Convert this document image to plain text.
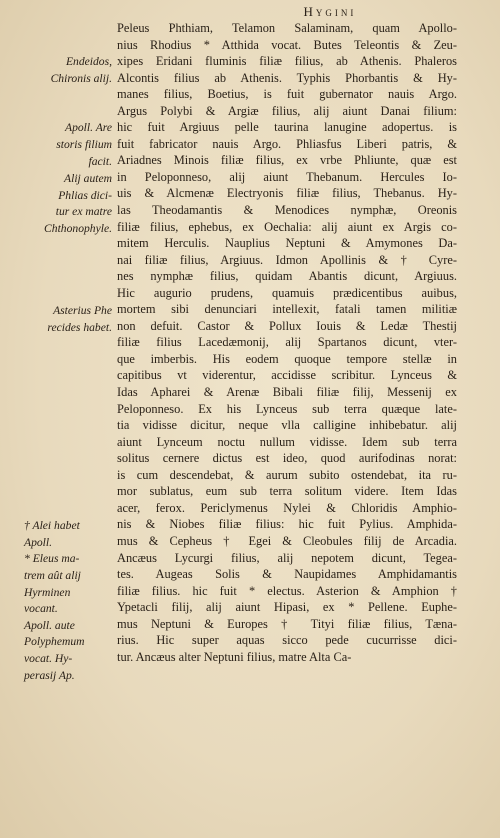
Hygini
Peleus Phthiam, Telamon Salaminam, quam Apollo-
nius Rhodius * Atthida vocat. Butes Teleontis & Zeu-
xipes Eridani fluminis filiæ filius, ab Athenis. Phaleros
Alcontis filius ab Athenis. Typhis Phorbantis & Hy-
manes filius, Boetius, is fuit gubernator nauis Argo.
Argus Polybi & Argiæ filius, alij aiunt Danai filium:
hic fuit Argiuus pelle taurina lanugine adopertus. is
fuit fabricator nauis Argo. Phliasfus Liberi patris, &
Ariadnes Minois filiæ filius, ex vrbe Phliunte, quæ est
in Peloponneso, alij aiunt Thebanum. Hercules Io-
uis & Alcmenæ Electryonis filiæ filius, Thebanus. Hy-
las Theodamantis & Menodices nymphæ, Oreonis
filiæ filius, ephebus, ex Oechalia: alij aiunt ex Argis co-
mitem Herculis. Nauplius Neptuni & Amymones Da-
nai filiæ filius, Argiuus. Idmon Apollinis & † Cyre-
nes nymphæ filius, quidam Abantis dicunt, Argiuus.
Hic augurio prudens, quamuis prædicentibus auibus,
mortem sibi denunciari intellexit, fatali tamen militiæ
non defuit. Castor & Pollux Iouis & Ledæ Thestij
filiæ filius Lacedæmonij, alij Spartanos dicunt, vter-
que imberbis. His eodem quoque tempore stellæ in
capitibus vt viderentur, accidisse scribitur. Lynceus &
Idas Apharei & Arenæ Bibali filiæ filij, Messenij ex
Peloponneso. Ex his Lynceus sub terra quæque late-
tia vidisse dicitur, neque vlla calligine inhibebatur. alij
aiunt Lynceum noctu nullum vidisse. Idem sub terra
solitus cernere dictus est ideo, quod aurifodinas norat:
is cum descendebat, & aurum subito ostendebat, ita ru-
mor sublatus, eum sub terra solitum videre. Item Idas
acer, ferox. Periclymenus Nylei & Chloridis Amphio-
nis & Niobes filiæ filius: hic fuit Pylius. Amphida-
mus & Cepheus † Egei & Cleobules filij de Arcadia.
Ancæus Lycurgi filius, alij nepotem dicunt, Tegea-
tes. Augeas Solis & Naupidames Amphidamantis
filiæ filius. hic fuit * electus. Asterion & Amphion †
Ypetacli filij, alij aiunt Hipasi, ex * Pellene. Euphe-
mus Neptuni & Europes † Tityi filiæ filius, Tæna-
rius. Hic super aquas sicco pede cucurrisse dici-
tur. Ancæus alter Neptuni filius, matre Alta Ca-
Endeidos,
Chironis alij.
Apoll. Are
storis filium
facit.
Alij autem
Phlias dici-
tur ex matre
Chthonophyle.
Asterius Phe
recides habet.
† Alei habet
Apoll.
* Eleus ma-
trem aût alij
Hyrminen
vocant.
Apoll. aute
Polyphemum
vocat. Hy-
perasij Ap.
